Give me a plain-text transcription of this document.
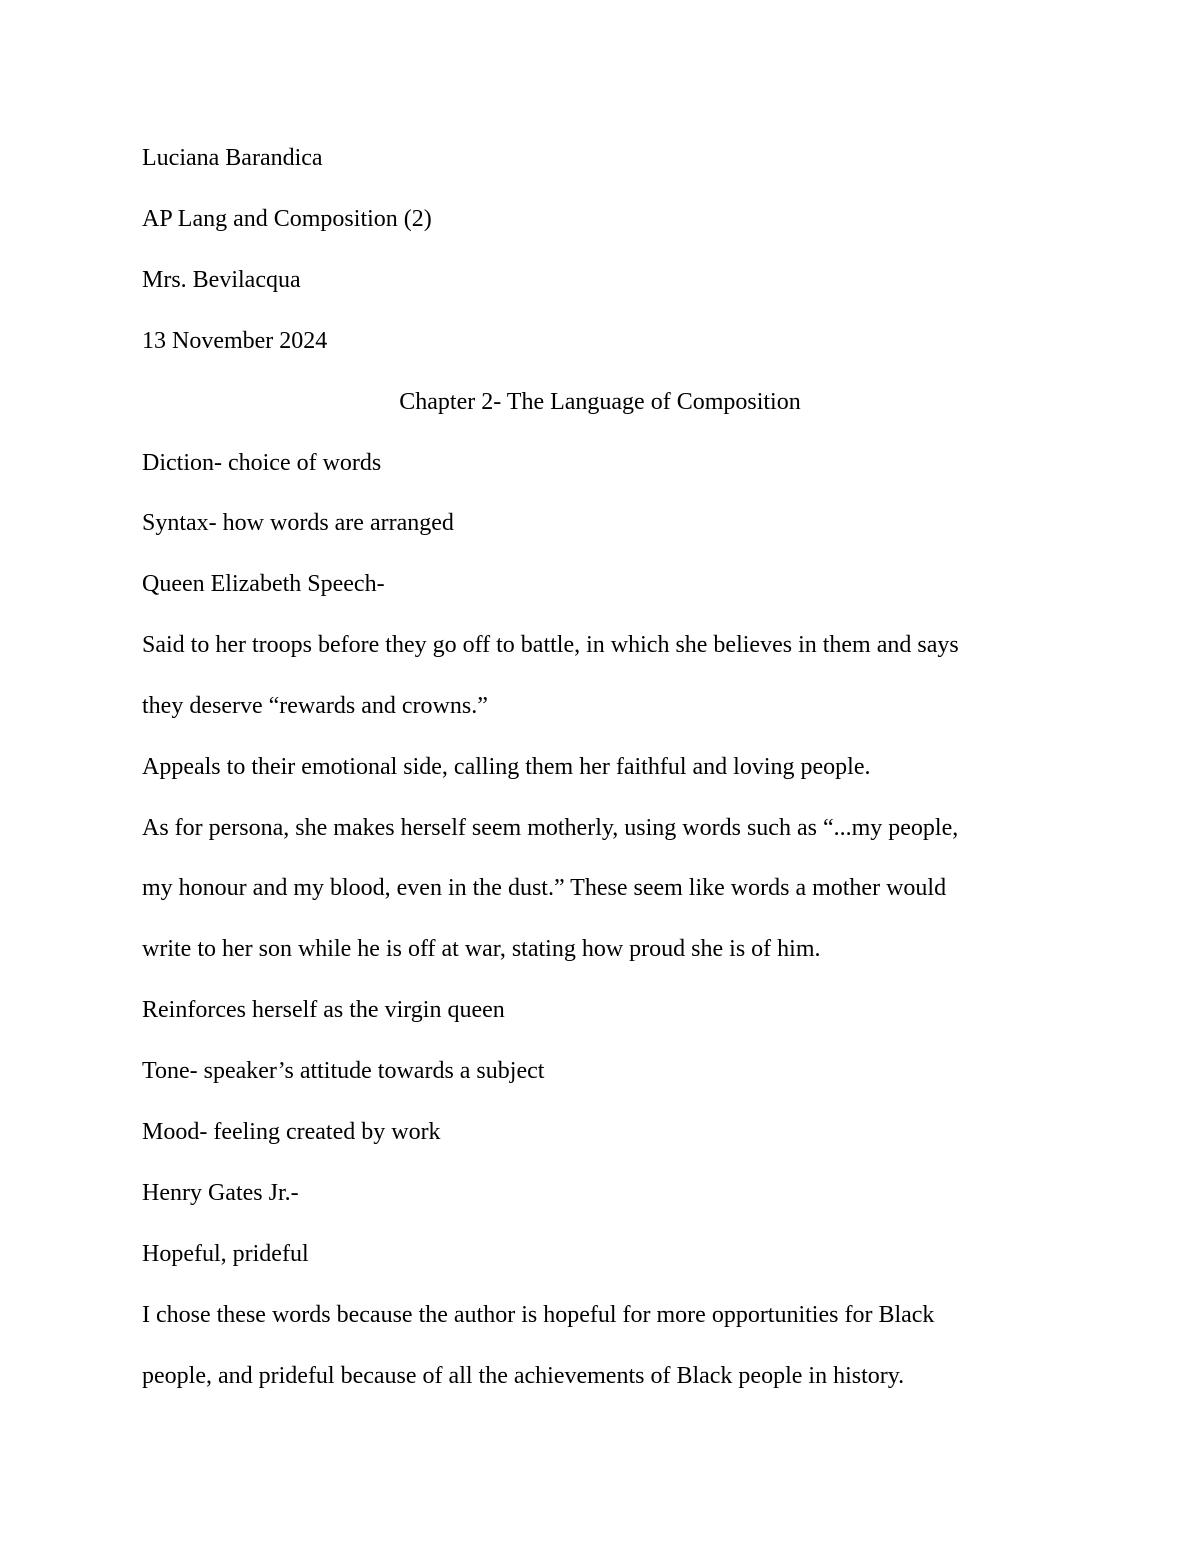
Luciana Barandica

AP Lang and Composition (2)

Mrs. Bevilacqua

13 November 2024

Chapter 2- The Language of Composition

Diction- choice of words

Syntax- how words are arranged

Queen Elizabeth Speech-

Said to her troops before they go off to battle, in which she believes in them and says

they deserve “rewards and crowns.”

Appeals to their emotional side, calling them her faithful and loving people.

As for persona, she makes herself seem motherly, using words such as “...my people,

my honour and my blood, even in the dust.” These seem like words a mother would

write to her son while he is off at war, stating how proud she is of him.

Reinforces herself as the virgin queen

Tone- speaker’s attitude towards a subject

Mood- feeling created by work

Henry Gates Jr.-

Hopeful, prideful

I chose these words because the author is hopeful for more opportunities for Black

people, and prideful because of all the achievements of Black people in history.
